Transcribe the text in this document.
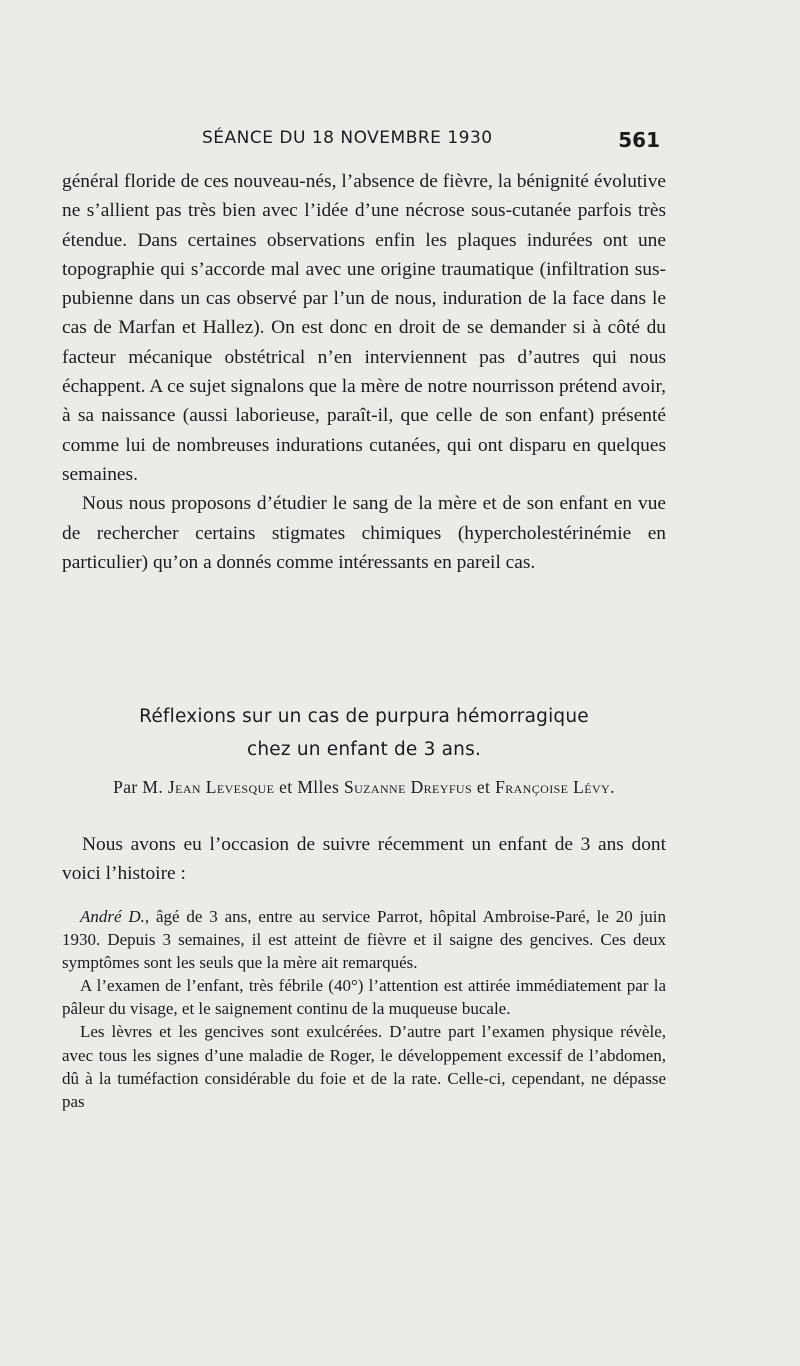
SÉANCE DU 18 NOVEMBRE 1930	561

général floride de ces nouveau-nés, l’absence de fièvre, la bénignité évolutive ne s’allient pas très bien avec l’idée d’une nécrose sous-cutanée parfois très étendue. Dans certaines observations enfin les plaques indurées ont une topographie qui s’accorde mal avec une origine traumatique (infiltration sus-pubienne dans un cas observé par l’un de nous, induration de la face dans le cas de Marfan et Hallez). On est donc en droit de se demander si à côté du facteur mécanique obstétrical n’en interviennent pas d’autres qui nous échappent. A ce sujet signalons que la mère de notre nourrisson prétend avoir, à sa naissance (aussi laborieuse, paraît-il, que celle de son enfant) présenté comme lui de nombreuses indurations cutanées, qui ont disparu en quelques semaines.

Nous nous proposons d’étudier le sang de la mère et de son enfant en vue de rechercher certains stigmates chimiques (hypercholestérinémie en particulier) qu’on a donnés comme intéressants en pareil cas.

Réflexions sur un cas de purpura hémorragique
chez un enfant de 3 ans.
Par M. Jean Levesque et Mlles Suzanne Dreyfus et Françoise Lévy.

Nous avons eu l’occasion de suivre récemment un enfant de 3 ans dont voici l’histoire :

André D., âgé de 3 ans, entre au service Parrot, hôpital Ambroise-Paré, le 20 juin 1930. Depuis 3 semaines, il est atteint de fièvre et il saigne des gencives. Ces deux symptômes sont les seuls que la mère ait remarqués.

A l’examen de l’enfant, très fébrile (40°) l’attention est attirée immédiatement par la pâleur du visage, et le saignement continu de la muqueuse bucale.

Les lèvres et les gencives sont exulcérées. D’autre part l’examen physique révèle, avec tous les signes d’une maladie de Roger, le développement excessif de l’abdomen, dû à la tuméfaction considérable du foie et de la rate. Celle-ci, cependant, ne dépasse pas
